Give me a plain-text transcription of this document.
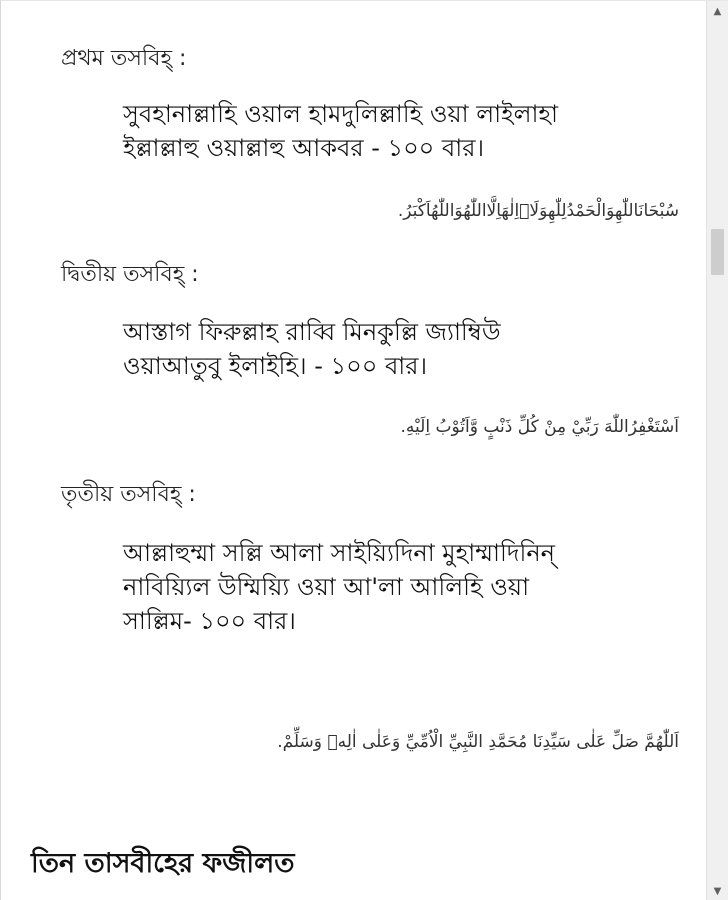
প্রথম তসবিহ্ :
সুবহানাল্লাহি ওয়াল হামদুলিল্লাহি ওয়া লাইলাহা
ইল্লাল্লাহু ওয়াল্লাহু আকবর - ১০০ বার।
سُبْحَانَاللّٰهِوَالْحَمْدُلِلّٰهِوَلَاۤاِلٰهَاِلَّااللّٰهُوَاللّٰهُاَكْبَرُ.
দ্বিতীয় তসবিহ্ :
আস্তাগ ফিরুল্লাহ রাব্বি মিনকুল্লি জ্যাম্বিউ
ওয়াআতুবু ইলাইহি। - ১০০ বার।
اَسْتَغْفِرُاللّٰهَ رَبِّيْ مِنْ كُلِّ ذَنْبٍ وَّاَتُوْبُ اِلَيْهِ.
তৃতীয় তসবিহ্ :
আল্লাহুম্মা সল্লি আলা সাইয়্যিদিনা মুহাম্মাদিনিন্
নাবিয়্যিল উম্মিয়্যি ওয়া আ'লা আলিহি ওয়া
সাল্লিম- ১০০ বার।
اَللّٰهُمَّ صَلِّ عَلٰى سَيِّدِنَا مُحَمَّدِ النَّبِيِّ الْاُمِّيِّ وَعَلٰى اٰلِهٖ وَسَلِّمْ.
তিন তাসবীহের ফজীলত
▲
▼
